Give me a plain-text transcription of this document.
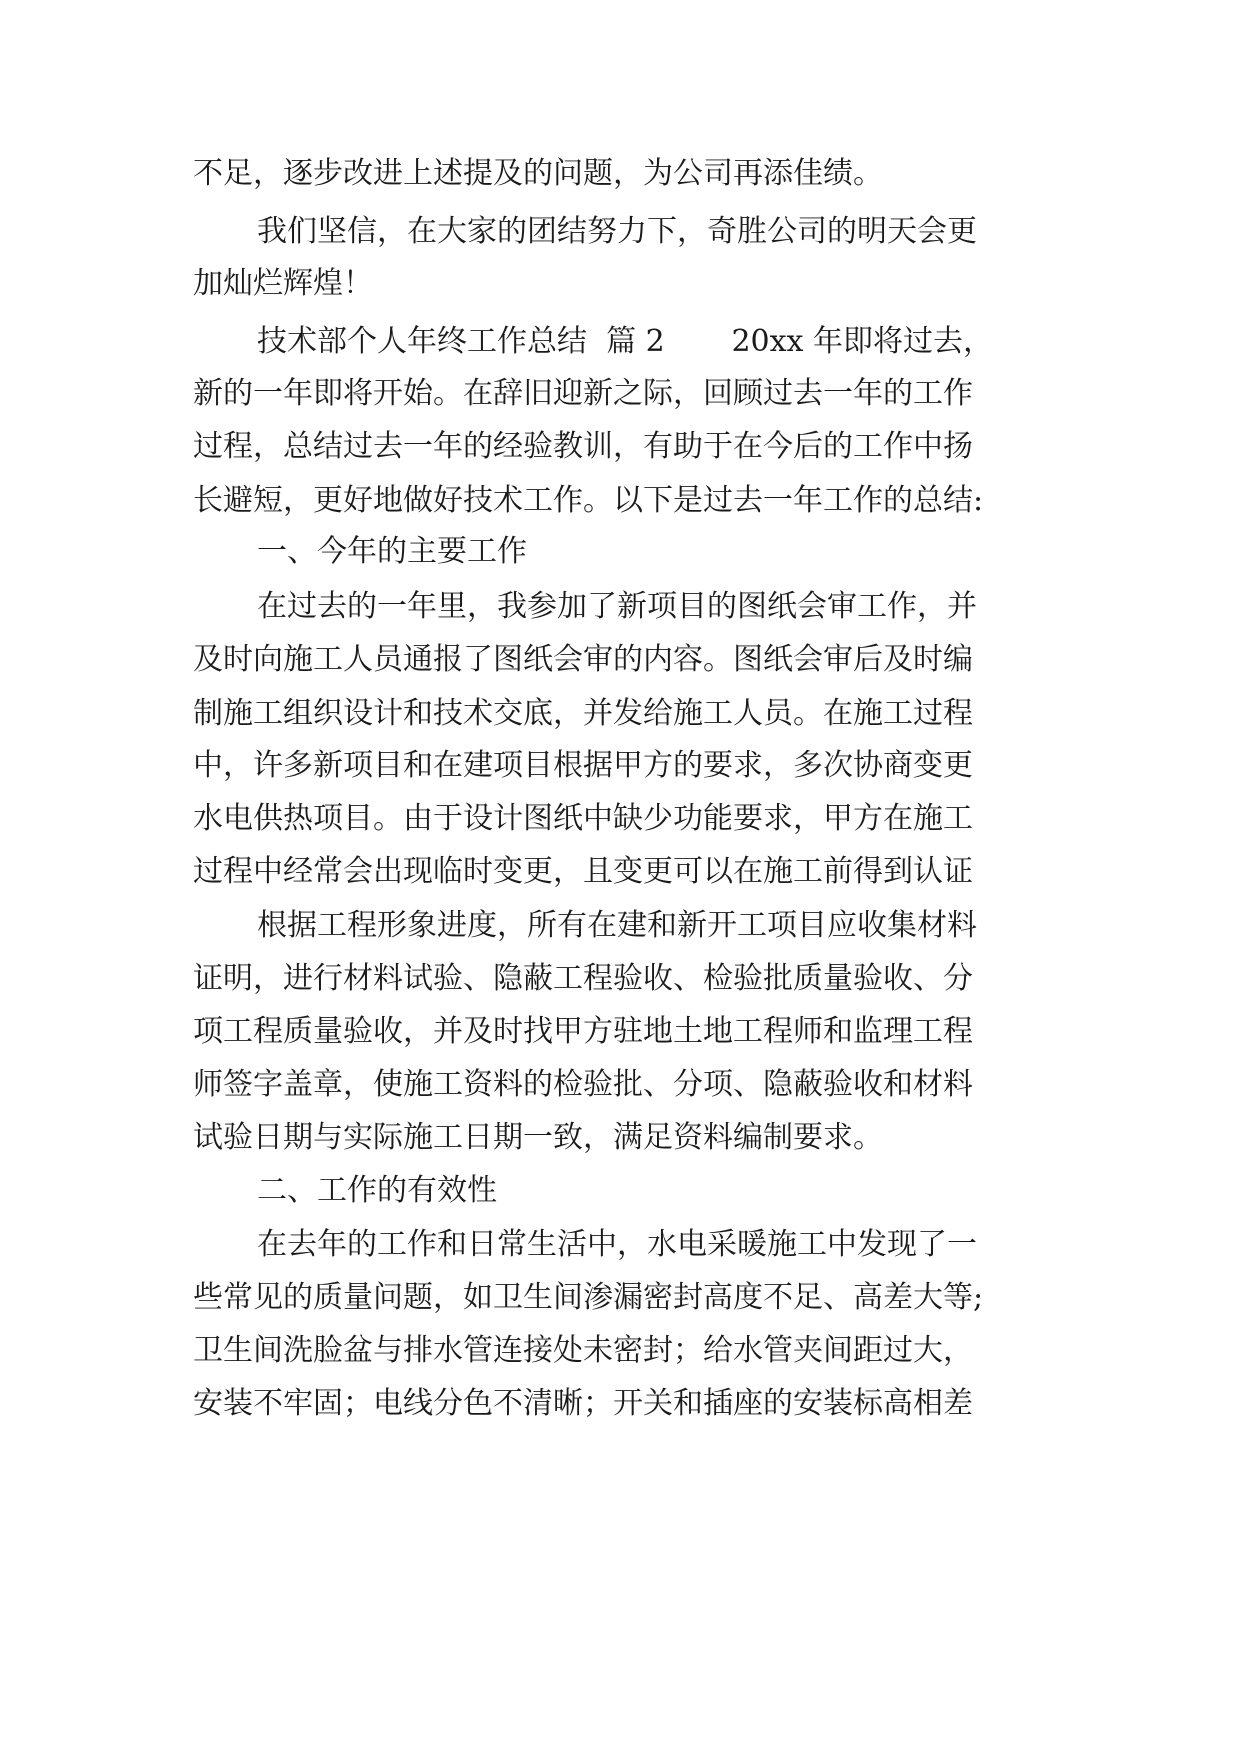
不足，逐步改进上述提及的问题，为公司再添佳绩。
我们坚信，在大家的团结努力下，奇胜公司的明天会更
加灿烂辉煌！
技术部个人年终工作总结  篇 2       20xx 年即将过去，
新的一年即将开始。在辞旧迎新之际，回顾过去一年的工作
过程，总结过去一年的经验教训，有助于在今后的工作中扬
长避短，更好地做好技术工作。以下是过去一年工作的总结:
一、今年的主要工作
在过去的一年里，我参加了新项目的图纸会审工作，并
及时向施工人员通报了图纸会审的内容。图纸会审后及时编
制施工组织设计和技术交底，并发给施工人员。在施工过程
中，许多新项目和在建项目根据甲方的要求，多次协商变更
水电供热项目。由于设计图纸中缺少功能要求，甲方在施工
过程中经常会出现临时变更，且变更可以在施工前得到认证
根据工程形象进度，所有在建和新开工项目应收集材料
证明，进行材料试验、隐蔽工程验收、检验批质量验收、分
项工程质量验收，并及时找甲方驻地土地工程师和监理工程
师签字盖章，使施工资料的检验批、分项、隐蔽验收和材料
试验日期与实际施工日期一致，满足资料编制要求。
二、工作的有效性
在去年的工作和日常生活中，水电采暖施工中发现了一
些常见的质量问题，如卫生间渗漏密封高度不足、高差大等;
卫生间洗脸盆与排水管连接处未密封；给水管夹间距过大，
安装不牢固；电线分色不清晰；开关和插座的安装标高相差
